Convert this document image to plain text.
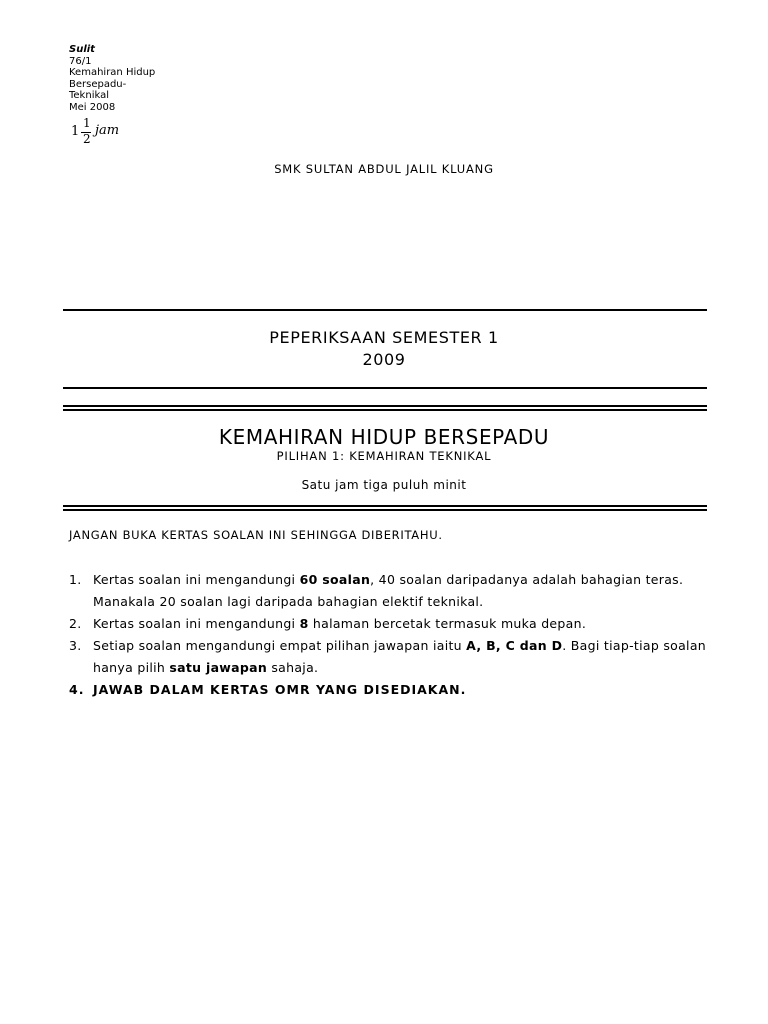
Sulit
76/1
Kemahiran Hidup
Bersepadu-
Teknikal
Mei 2008
1
1
2
jam
SMK SULTAN ABDUL JALIL KLUANG
PEPERIKSAAN SEMESTER 1
2009
KEMAHIRAN HIDUP BERSEPADU
PILIHAN 1: KEMAHIRAN TEKNIKAL
Satu jam tiga puluh minit
JANGAN BUKA KERTAS SOALAN INI SEHINGGA DIBERITAHU.
1. Kertas soalan ini mengandungi 60 soalan, 40 soalan daripadanya adalah bahagian teras. Manakala 20 soalan lagi daripada bahagian elektif teknikal.
2. Kertas soalan ini mengandungi 8 halaman bercetak termasuk muka depan.
3. Setiap soalan mengandungi empat pilihan jawapan iaitu A, B, C dan D. Bagi tiap-tiap soalan hanya pilih satu jawapan sahaja.
4. JAWAB DALAM KERTAS OMR YANG DISEDIAKAN.
